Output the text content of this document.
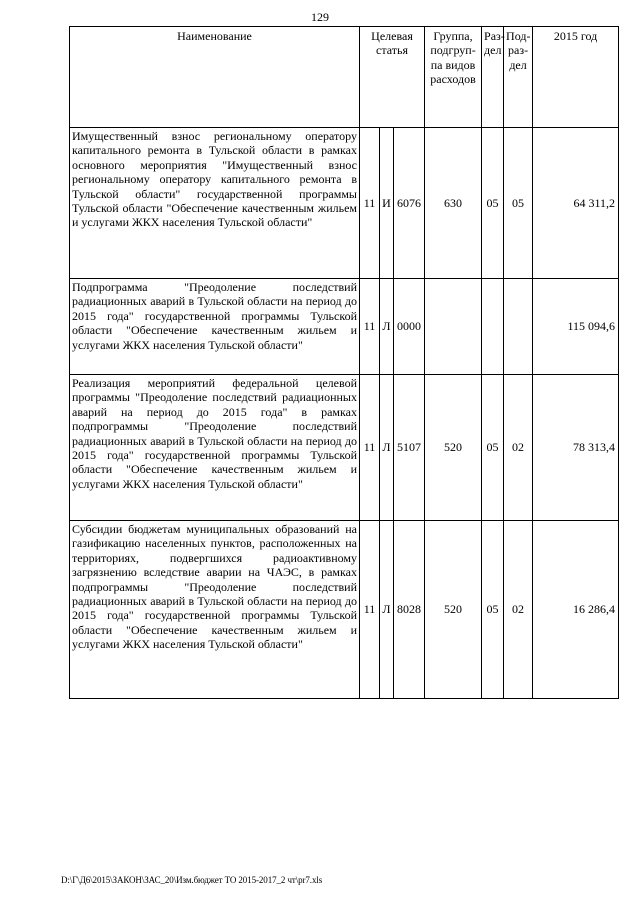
129
Наименование	Целевая статья			Группа, подгруп-па видов расходов	Раз-дел	Под-раз-дел	2015 год
Имущественный взнос региональному оператору капитального ремонта в Тульской области в рамках основного мероприятия "Имущественный взнос региональному оператору капитального ремонта в Тульской области" государственной программы Тульской области "Обеспечение качественным жильем и услугами ЖКХ населения Тульской области"	11	И	6076	630	05	05	64 311,2
Подпрограмма "Преодоление последствий радиационных аварий в Тульской области на период до 2015 года" государственной программы Тульской области "Обеспечение качественным жильем и услугами ЖКХ населения Тульской области"	11	Л	0000				115 094,6
Реализация мероприятий федеральной целевой программы "Преодоление последствий радиационных аварий на период до 2015 года" в рамках подпрограммы "Преодоление последствий радиационных аварий в Тульской области на период до 2015 года" государственной программы Тульской области "Обеспечение качественным жильем и услугами ЖКХ населения Тульской области"	11	Л	5107	520	05	02	78 313,4
Субсидии бюджетам муниципальных образований на газификацию населенных пунктов, расположенных на территориях, подвергшихся радиоактивному загрязнению вследствие аварии на ЧАЭС, в рамках подпрограммы "Преодоление последствий радиационных аварий в Тульской области на период до 2015 года" государственной программы Тульской области "Обеспечение качественным жильем и услугами ЖКХ населения Тульской области"	11	Л	8028	520	05	02	16 286,4
D:\Г\Д6\2015\ЗАКОН\ЗАС_20\Изм.бюджет ТО 2015-2017_2 чт\pr7.xls
